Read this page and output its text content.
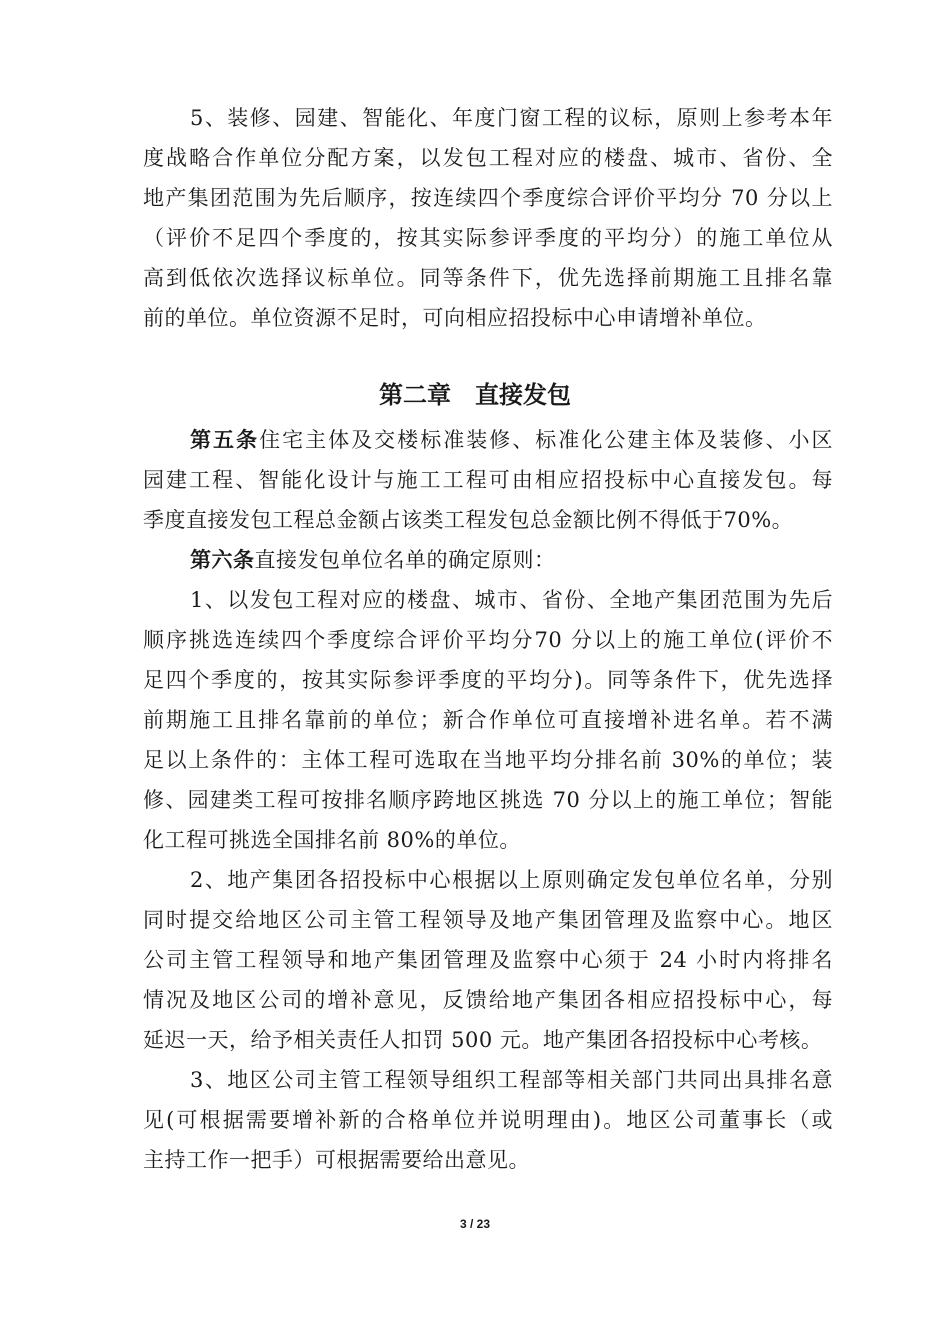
5、装修、园建、智能化、年度门窗工程的议标，原则上参考本年
度战略合作单位分配方案，以发包工程对应的楼盘、城市、省份、全
地产集团范围为先后顺序，按连续四个季度综合评价平均分 70 分以上
（评价不足四个季度的，按其实际参评季度的平均分）的施工单位从
高到低依次选择议标单位。同等条件下，优先选择前期施工且排名靠
前的单位。单位资源不足时，可向相应招投标中心申请增补单位。
第二章　直接发包
第五条住宅主体及交楼标准装修、标准化公建主体及装修、小区
园建工程、智能化设计与施工工程可由相应招投标中心直接发包。每
季度直接发包工程总金额占该类工程发包总金额比例不得低于70%。
第六条直接发包单位名单的确定原则：
1、以发包工程对应的楼盘、城市、省份、全地产集团范围为先后
顺序挑选连续四个季度综合评价平均分70 分以上的施工单位(评价不
足四个季度的，按其实际参评季度的平均分)。同等条件下，优先选择
前期施工且排名靠前的单位；新合作单位可直接增补进名单。若不满
足以上条件的：主体工程可选取在当地平均分排名前 30%的单位；装
修、园建类工程可按排名顺序跨地区挑选 70 分以上的施工单位；智能
化工程可挑选全国排名前 80%的单位。
2、地产集团各招投标中心根据以上原则确定发包单位名单，分别
同时提交给地区公司主管工程领导及地产集团管理及监察中心。地区
公司主管工程领导和地产集团管理及监察中心须于 24 小时内将排名
情况及地区公司的增补意见，反馈给地产集团各相应招投标中心，每
延迟一天，给予相关责任人扣罚 500 元。地产集团各招投标中心考核。
3、地区公司主管工程领导组织工程部等相关部门共同出具排名意
见(可根据需要增补新的合格单位并说明理由)。地区公司董事长（或
主持工作一把手）可根据需要给出意见。
3 / 23
